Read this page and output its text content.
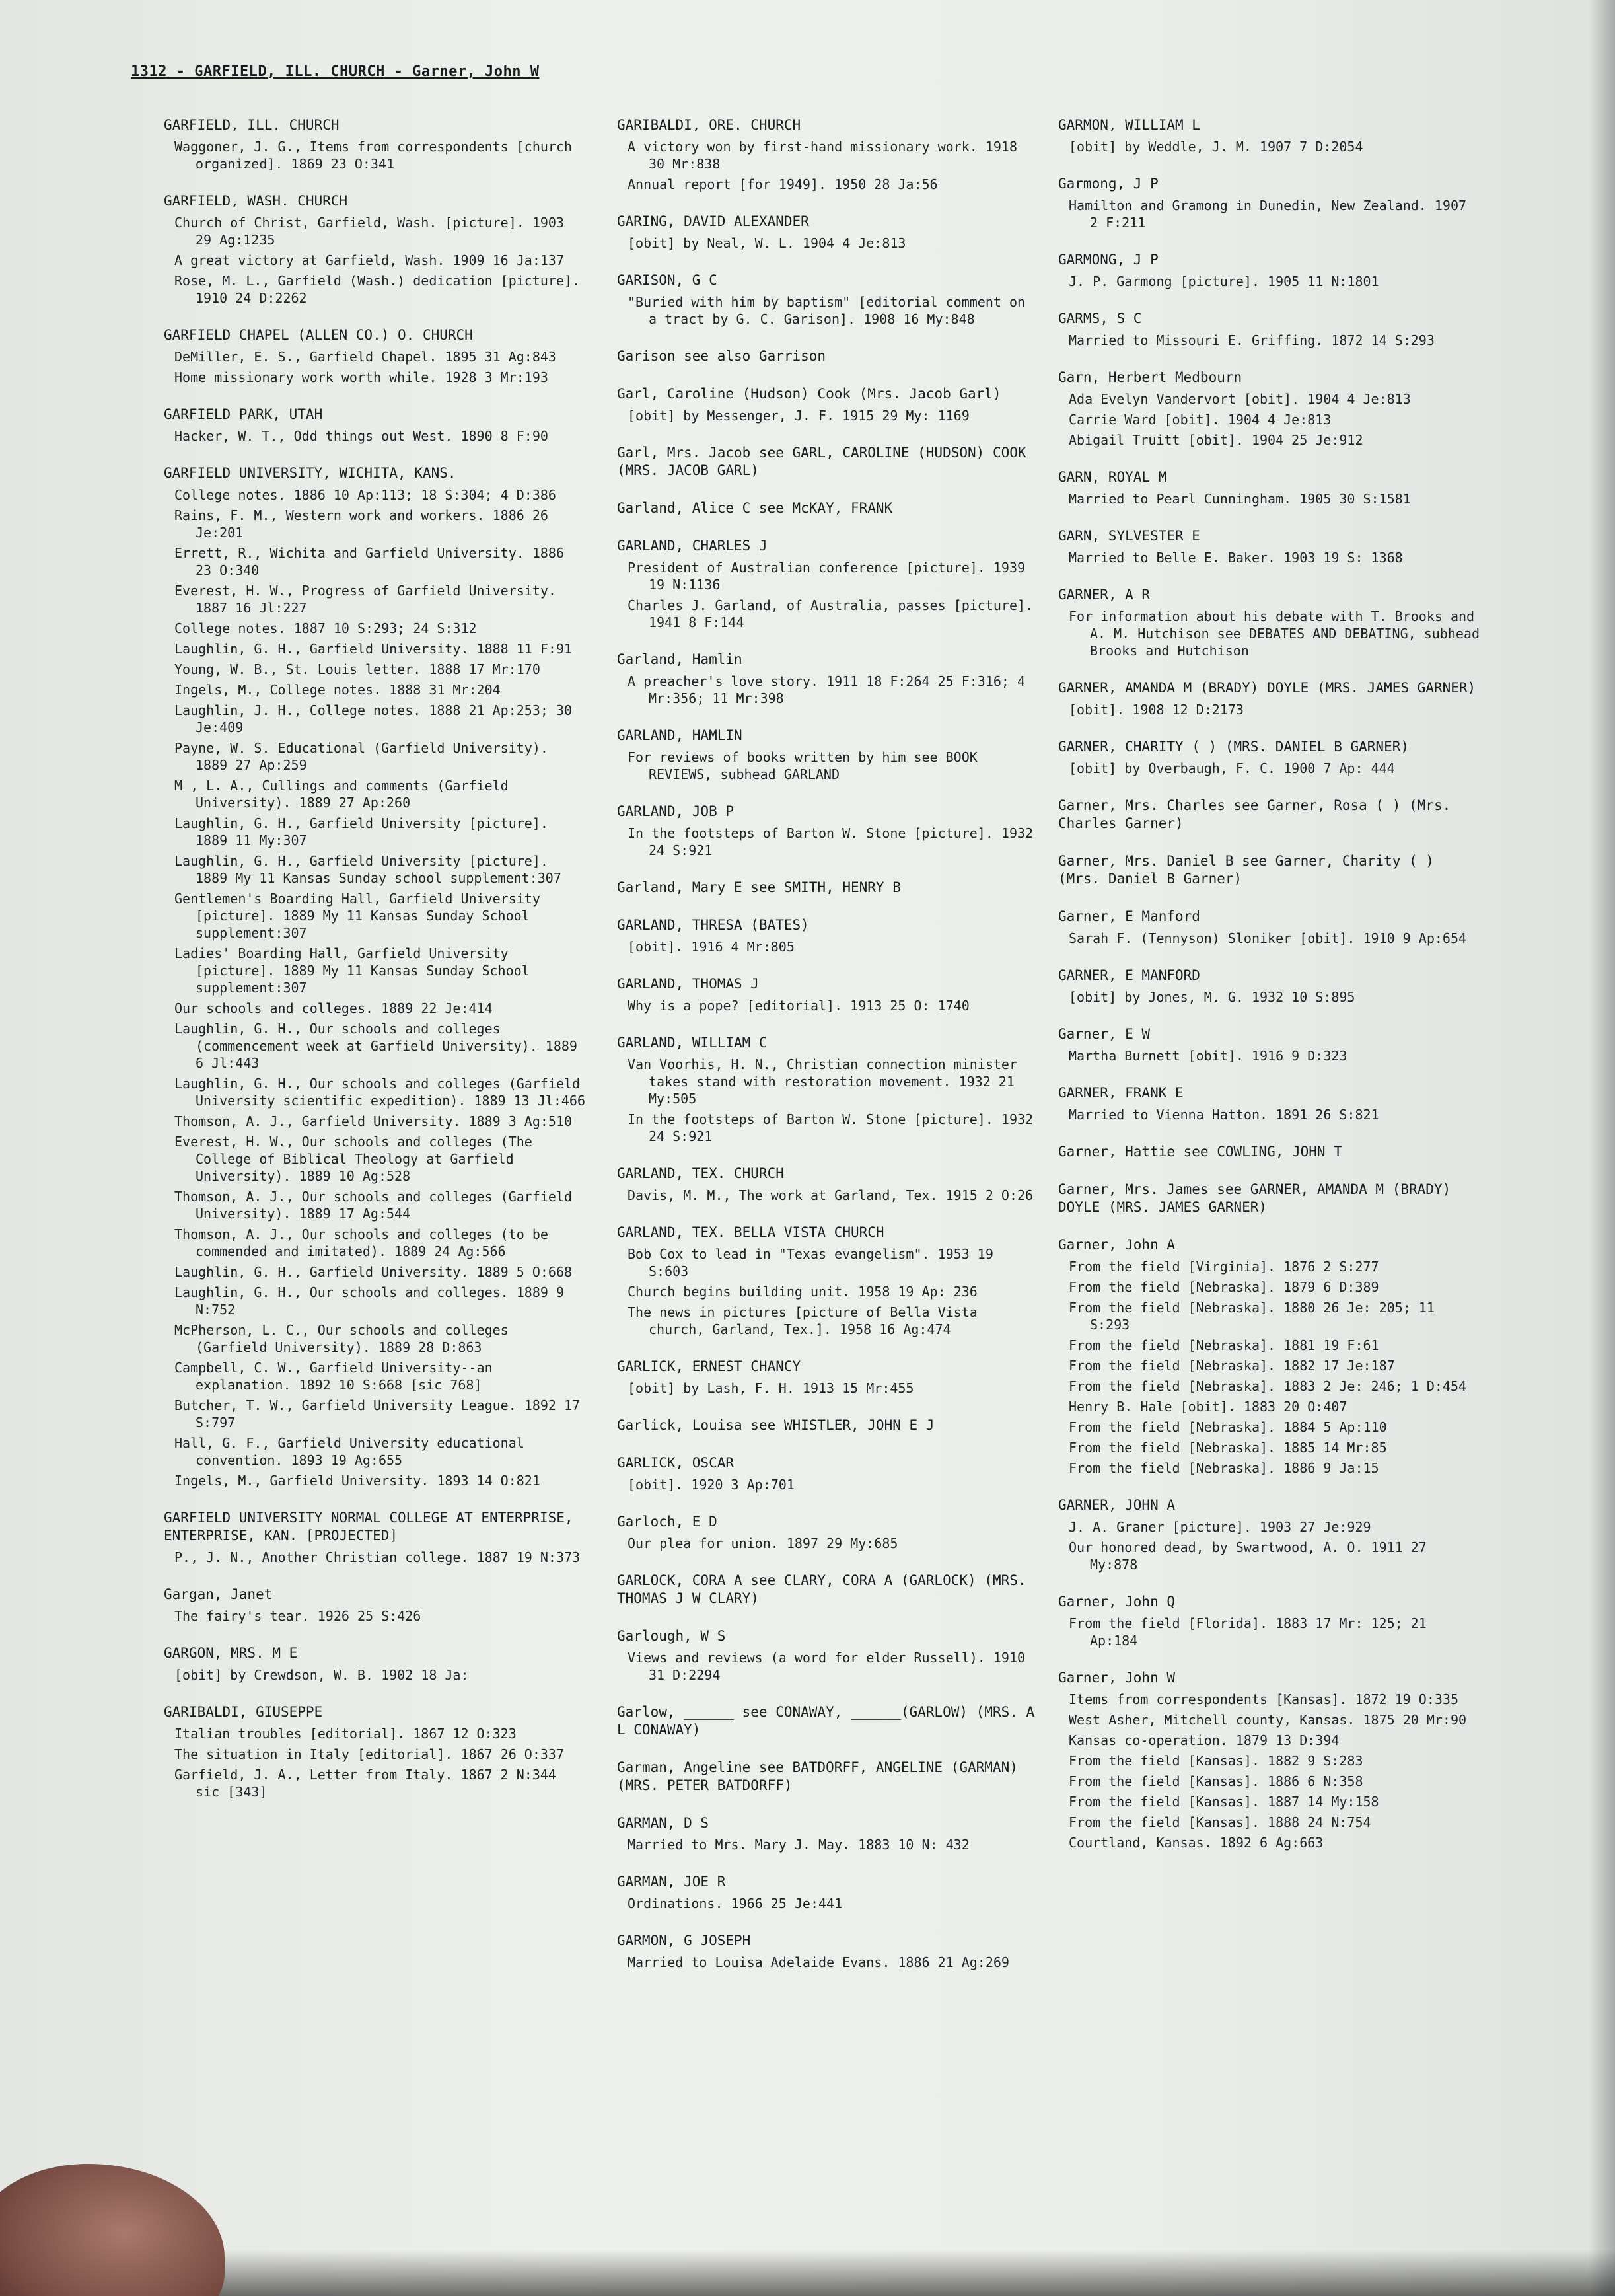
1312 - GARFIELD, ILL. CHURCH - Garner, John W
GARFIELD, ILL. CHURCH
Waggoner, J. G., Items from correspondents [church organized]. 1869 23 O:341
GARFIELD, WASH. CHURCH
Church of Christ, Garfield, Wash. [picture]. 1903 29 Ag:1235
A great victory at Garfield, Wash. 1909 16 Ja:137
Rose, M. L., Garfield (Wash.) dedication [picture]. 1910 24 D:2262
GARFIELD CHAPEL (ALLEN CO.) O. CHURCH
DeMiller, E. S., Garfield Chapel. 1895 31 Ag:843
Home missionary work worth while. 1928 3 Mr:193
GARFIELD PARK, UTAH
Hacker, W. T., Odd things out West. 1890 8 F:90
GARFIELD UNIVERSITY, WICHITA, KANS.
College notes. 1886 10 Ap:113; 18 S:304; 4 D:386
Rains, F. M., Western work and workers. 1886 26 Je:201
Errett, R., Wichita and Garfield University. 1886 23 O:340
Everest, H. W., Progress of Garfield University. 1887 16 Jl:227
College notes. 1887 10 S:293; 24 S:312
Laughlin, G. H., Garfield University. 1888 11 F:91
Young, W. B., St. Louis letter. 1888 17 Mr:170
Ingels, M., College notes. 1888 31 Mr:204
Laughlin, J. H., College notes. 1888 21 Ap:253; 30 Je:409
Payne, W. S. Educational (Garfield University). 1889 27 Ap:259
M , L. A., Cullings and comments (Garfield University). 1889 27 Ap:260
Laughlin, G. H., Garfield University [picture]. 1889 11 My:307
Laughlin, G. H., Garfield University [picture]. 1889 My 11 Kansas Sunday school supplement:307
Gentlemen's Boarding Hall, Garfield University [picture]. 1889 My 11 Kansas Sunday School supplement:307
Ladies' Boarding Hall, Garfield University [picture]. 1889 My 11 Kansas Sunday School supplement:307
Our schools and colleges. 1889 22 Je:414
Laughlin, G. H., Our schools and colleges (commencement week at Garfield University). 1889 6 Jl:443
Laughlin, G. H., Our schools and colleges (Garfield University scientific expedition). 1889 13 Jl:466
Thomson, A. J., Garfield University. 1889 3 Ag:510
Everest, H. W., Our schools and colleges (The College of Biblical Theology at Garfield University). 1889 10 Ag:528
Thomson, A. J., Our schools and colleges (Garfield University). 1889 17 Ag:544
Thomson, A. J., Our schools and colleges (to be commended and imitated). 1889 24 Ag:566
Laughlin, G. H., Garfield University. 1889 5 O:668
Laughlin, G. H., Our schools and colleges. 1889 9 N:752
McPherson, L. C., Our schools and colleges (Garfield University). 1889 28 D:863
Campbell, C. W., Garfield University--an explanation. 1892 10 S:668 [sic 768]
Butcher, T. W., Garfield University League. 1892 17 S:797
Hall, G. F., Garfield University educational convention. 1893 19 Ag:655
Ingels, M., Garfield University. 1893 14 O:821
GARFIELD UNIVERSITY NORMAL COLLEGE AT ENTERPRISE, ENTERPRISE, KAN. [PROJECTED]
P., J. N., Another Christian college. 1887 19 N:373
Gargan, Janet
The fairy's tear. 1926 25 S:426
GARGON, MRS. M E
[obit] by Crewdson, W. B. 1902 18 Ja:
GARIBALDI, GIUSEPPE
Italian troubles [editorial]. 1867 12 O:323
The situation in Italy [editorial]. 1867 26 O:337
Garfield, J. A., Letter from Italy. 1867 2 N:344 sic [343]
GARIBALDI, ORE. CHURCH
A victory won by first-hand missionary work. 1918 30 Mr:838
Annual report [for 1949]. 1950 28 Ja:56
GARING, DAVID ALEXANDER
[obit] by Neal, W. L. 1904 4 Je:813
GARISON, G C
"Buried with him by baptism" [editorial comment on a tract by G. C. Garison]. 1908 16 My:848
Garison see also Garrison
Garl, Caroline (Hudson) Cook (Mrs. Jacob Garl)
[obit] by Messenger, J. F. 1915 29 My: 1169
Garl, Mrs. Jacob see GARL, CAROLINE (HUDSON) COOK (MRS. JACOB GARL)
Garland, Alice C see McKAY, FRANK
GARLAND, CHARLES J
President of Australian conference [picture]. 1939 19 N:1136
Charles J. Garland, of Australia, passes [picture]. 1941 8 F:144
Garland, Hamlin
A preacher's love story. 1911 18 F:264 25 F:316; 4 Mr:356; 11 Mr:398
GARLAND, HAMLIN
For reviews of books written by him see BOOK REVIEWS, subhead GARLAND
GARLAND, JOB P
In the footsteps of Barton W. Stone [picture]. 1932 24 S:921
Garland, Mary E see SMITH, HENRY B
GARLAND, THRESA (BATES)
[obit]. 1916 4 Mr:805
GARLAND, THOMAS J
Why is a pope? [editorial]. 1913 25 O: 1740
GARLAND, WILLIAM C
Van Voorhis, H. N., Christian connection minister takes stand with restoration movement. 1932 21 My:505
In the footsteps of Barton W. Stone [picture]. 1932 24 S:921
GARLAND, TEX. CHURCH
Davis, M. M., The work at Garland, Tex. 1915 2 O:26
GARLAND, TEX. BELLA VISTA CHURCH
Bob Cox to lead in "Texas evangelism". 1953 19 S:603
Church begins building unit. 1958 19 Ap: 236
The news in pictures [picture of Bella Vista church, Garland, Tex.]. 1958 16 Ag:474
GARLICK, ERNEST CHANCY
[obit] by Lash, F. H. 1913 15 Mr:455
Garlick, Louisa see WHISTLER, JOHN E J
GARLICK, OSCAR
[obit]. 1920 3 Ap:701
Garloch, E D
Our plea for union. 1897 29 My:685
GARLOCK, CORA A see CLARY, CORA A (GARLOCK) (MRS. THOMAS J W CLARY)
Garlough, W S
Views and reviews (a word for elder Russell). 1910 31 D:2294
Garlow, ______ see CONAWAY, ______(GARLOW) (MRS. A L CONAWAY)
Garman, Angeline see BATDORFF, ANGELINE (GARMAN) (MRS. PETER BATDORFF)
GARMAN, D S
Married to Mrs. Mary J. May. 1883 10 N: 432
GARMAN, JOE R
Ordinations. 1966 25 Je:441
GARMON, G JOSEPH
Married to Louisa Adelaide Evans. 1886 21 Ag:269
GARMON, WILLIAM L
[obit] by Weddle, J. M. 1907 7 D:2054
Garmong, J P
Hamilton and Gramong in Dunedin, New Zealand. 1907 2 F:211
GARMONG, J P
J. P. Garmong [picture]. 1905 11 N:1801
GARMS, S C
Married to Missouri E. Griffing. 1872 14 S:293
Garn, Herbert Medbourn
Ada Evelyn Vandervort [obit]. 1904 4 Je:813
Carrie Ward [obit]. 1904 4 Je:813
Abigail Truitt [obit]. 1904 25 Je:912
GARN, ROYAL M
Married to Pearl Cunningham. 1905 30 S:1581
GARN, SYLVESTER E
Married to Belle E. Baker. 1903 19 S: 1368
GARNER, A R
For information about his debate with T. Brooks and A. M. Hutchison see DEBATES AND DEBATING, subhead Brooks and Hutchison
GARNER, AMANDA M (BRADY) DOYLE (MRS. JAMES GARNER)
[obit]. 1908 12 D:2173
GARNER, CHARITY ( ) (MRS. DANIEL B GARNER)
[obit] by Overbaugh, F. C. 1900 7 Ap: 444
Garner, Mrs. Charles see Garner, Rosa ( ) (Mrs. Charles Garner)
Garner, Mrs. Daniel B see Garner, Charity ( ) (Mrs. Daniel B Garner)
Garner, E Manford
Sarah F. (Tennyson) Sloniker [obit]. 1910 9 Ap:654
GARNER, E MANFORD
[obit] by Jones, M. G. 1932 10 S:895
Garner, E W
Martha Burnett [obit]. 1916 9 D:323
GARNER, FRANK E
Married to Vienna Hatton. 1891 26 S:821
Garner, Hattie see COWLING, JOHN T
Garner, Mrs. James see GARNER, AMANDA M (BRADY) DOYLE (MRS. JAMES GARNER)
Garner, John A
From the field [Virginia]. 1876 2 S:277
From the field [Nebraska]. 1879 6 D:389
From the field [Nebraska]. 1880 26 Je: 205; 11 S:293
From the field [Nebraska]. 1881 19 F:61
From the field [Nebraska]. 1882 17 Je:187
From the field [Nebraska]. 1883 2 Je: 246; 1 D:454
Henry B. Hale [obit]. 1883 20 O:407
From the field [Nebraska]. 1884 5 Ap:110
From the field [Nebraska]. 1885 14 Mr:85
From the field [Nebraska]. 1886 9 Ja:15
GARNER, JOHN A
J. A. Graner [picture]. 1903 27 Je:929
Our honored dead, by Swartwood, A. O. 1911 27 My:878
Garner, John Q
From the field [Florida]. 1883 17 Mr: 125; 21 Ap:184
Garner, John W
Items from correspondents [Kansas]. 1872 19 O:335
West Asher, Mitchell county, Kansas. 1875 20 Mr:90
Kansas co-operation. 1879 13 D:394
From the field [Kansas]. 1882 9 S:283
From the field [Kansas]. 1886 6 N:358
From the field [Kansas]. 1887 14 My:158
From the field [Kansas]. 1888 24 N:754
Courtland, Kansas. 1892 6 Ag:663
